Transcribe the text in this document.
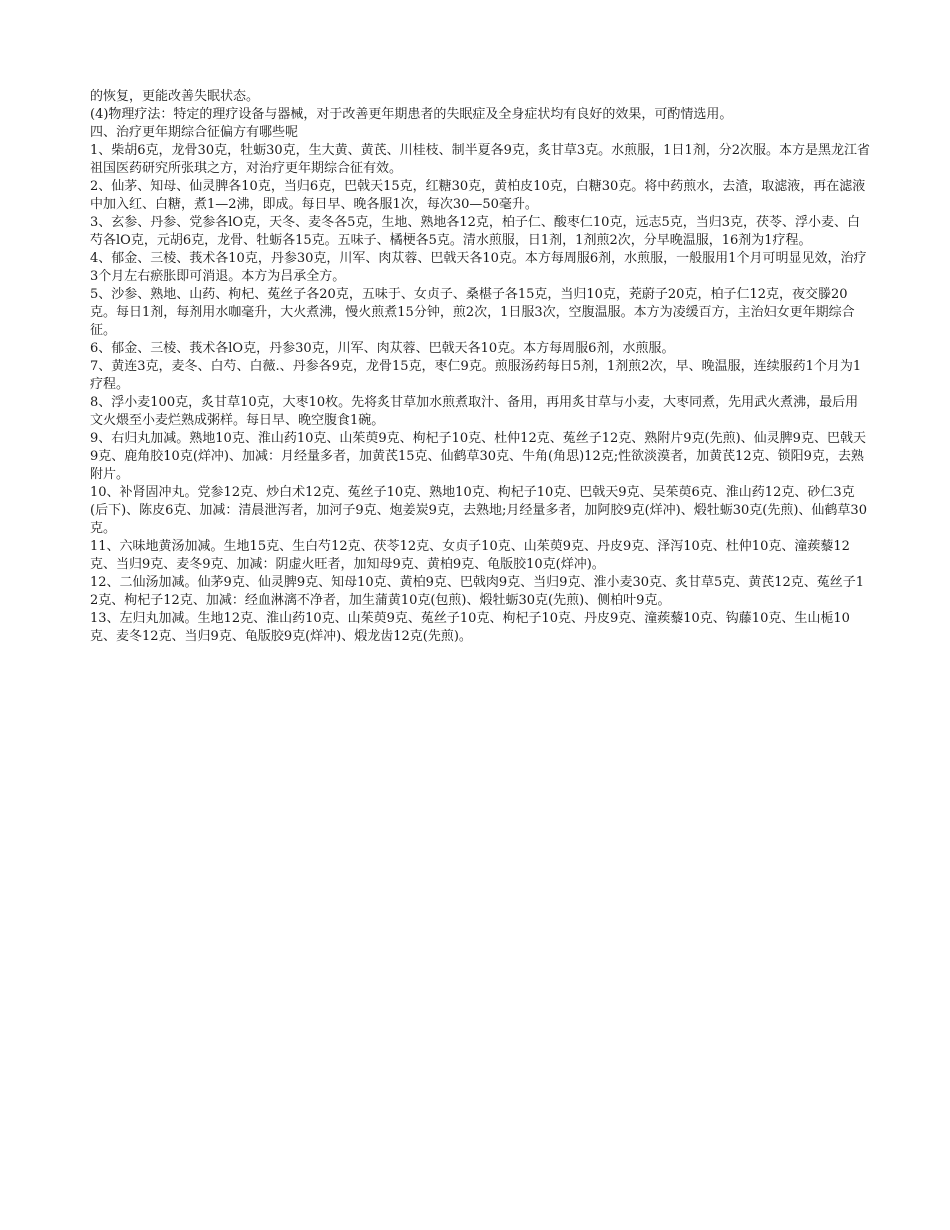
的恢复，更能改善失眠状态。

(4)物理疗法：特定的理疗设备与器械，对于改善更年期患者的失眠症及全身症状均有良好的效果，可酌情选用。

四、治疗更年期综合征偏方有哪些呢

1、柴胡6克，龙骨30克，牡蛎30克，生大黄、黄芪、川桂枝、制半夏各9克，炙甘草3克。水煎服，1日1剂，分2次服。本方是黑龙江省祖国医药研究所张琪之方，对治疗更年期综合征有效。

2、仙茅、知母、仙灵脾各10克，当归6克，巴戟天15克，红糖30克，黄柏皮10克，白糖30克。将中药煎水，去渣，取滤液，再在滤液中加入红、白糖，煮1—2沸，即成。每日早、晚各服1次，每次30—50毫升。

3、玄参、丹参、党参各lO克，天冬、麦冬各5克，生地、熟地各12克，柏子仁、酸枣仁10克，远志5克，当归3克，茯苓、浮小麦、白芍各lO克，元胡6克，龙骨、牡蛎各15克。五味子、橘梗各5克。清水煎服，日1剂，1剂煎2次，分早晚温服，16剂为1疗程。

4、郁金、三棱、莪术各10克，丹参30克，川军、肉苁蓉、巴戟天各10克。本方每周服6剂，水煎服，一般服用1个月可明显见效，治疗3个月左右瘀胀即可消退。本方为吕承全方。

5、沙参、熟地、山药、枸杞、菟丝子各20克，五味于、女贞子、桑椹子各15克，当归10克，茺蔚子20克，柏子仁12克，夜交滕20克。每日1剂，每剂用水咖毫升，大火煮沸，慢火煎煮15分钟，煎2次，1日服3次，空腹温服。本方为凌缓百方，主治妇女更年期综合征。

6、郁金、三棱、莪术各lO克，丹参30克，川军、肉苁蓉、巴戟天各10克。本方每周服6剂，水煎服。

7、黄连3克，麦冬、白芍、白薇.、丹参各9克，龙骨15克，枣仁9克。煎服汤药每日5剂，1剂煎2次，早、晚温服，连续服药1个月为1疗程。

8、浮小麦100克，炙甘草10克，大枣10枚。先将炙甘草加水煎煮取汁、备用，再用炙甘草与小麦，大枣同煮，先用武火煮沸，最后用文火煨至小麦烂熟成粥样。每日早、晚空腹食1碗。

9、右归丸加减。熟地10克、淮山药10克、山茱萸9克、枸杞子10克、杜仲12克、菟丝子12克、熟附片9克(先煎)、仙灵脾9克、巴戟天9克、鹿角胶10克(烊冲)、加减：月经量多者，加黄芪15克、仙鹤草30克、牛角(角思)12克;性欲淡漠者，加黄芪12克、锁阳9克，去熟附片。

10、补肾固冲丸。党参12克、炒白术12克、菟丝子10克、熟地10克、枸杞子10克、巴戟天9克、吴茱萸6克、淮山药12克、砂仁3克(后下)、陈皮6克、加减：清晨泄泻者，加河子9克、炮姜炭9克，去熟地;月经量多者，加阿胶9克(烊冲)、煅牡蛎30克(先煎)、仙鹤草30克。

11、六味地黄汤加减。生地15克、生白芍12克、茯苓12克、女贞子10克、山茱萸9克、丹皮9克、泽泻10克、杜仲10克、潼蒺藜12克、当归9克、麦冬9克、加减：阴虚火旺者，加知母9克、黄柏9克、龟版胶10克(烊冲)。

12、二仙汤加减。仙茅9克、仙灵脾9克、知母10克、黄柏9克、巴戟肉9克、当归9克、淮小麦30克、炙甘草5克、黄芪12克、菟丝子12克、枸杞子12克、加减：经血淋漓不净者，加生蒲黄10克(包煎)、煅牡蛎30克(先煎)、侧柏叶9克。

13、左归丸加减。生地12克、淮山药10克、山茱萸9克、菟丝子10克、枸杞子10克、丹皮9克、潼蒺藜10克、钩藤10克、生山栀10克、麦冬12克、当归9克、龟版胶9克(烊冲)、煅龙齿12克(先煎)。
